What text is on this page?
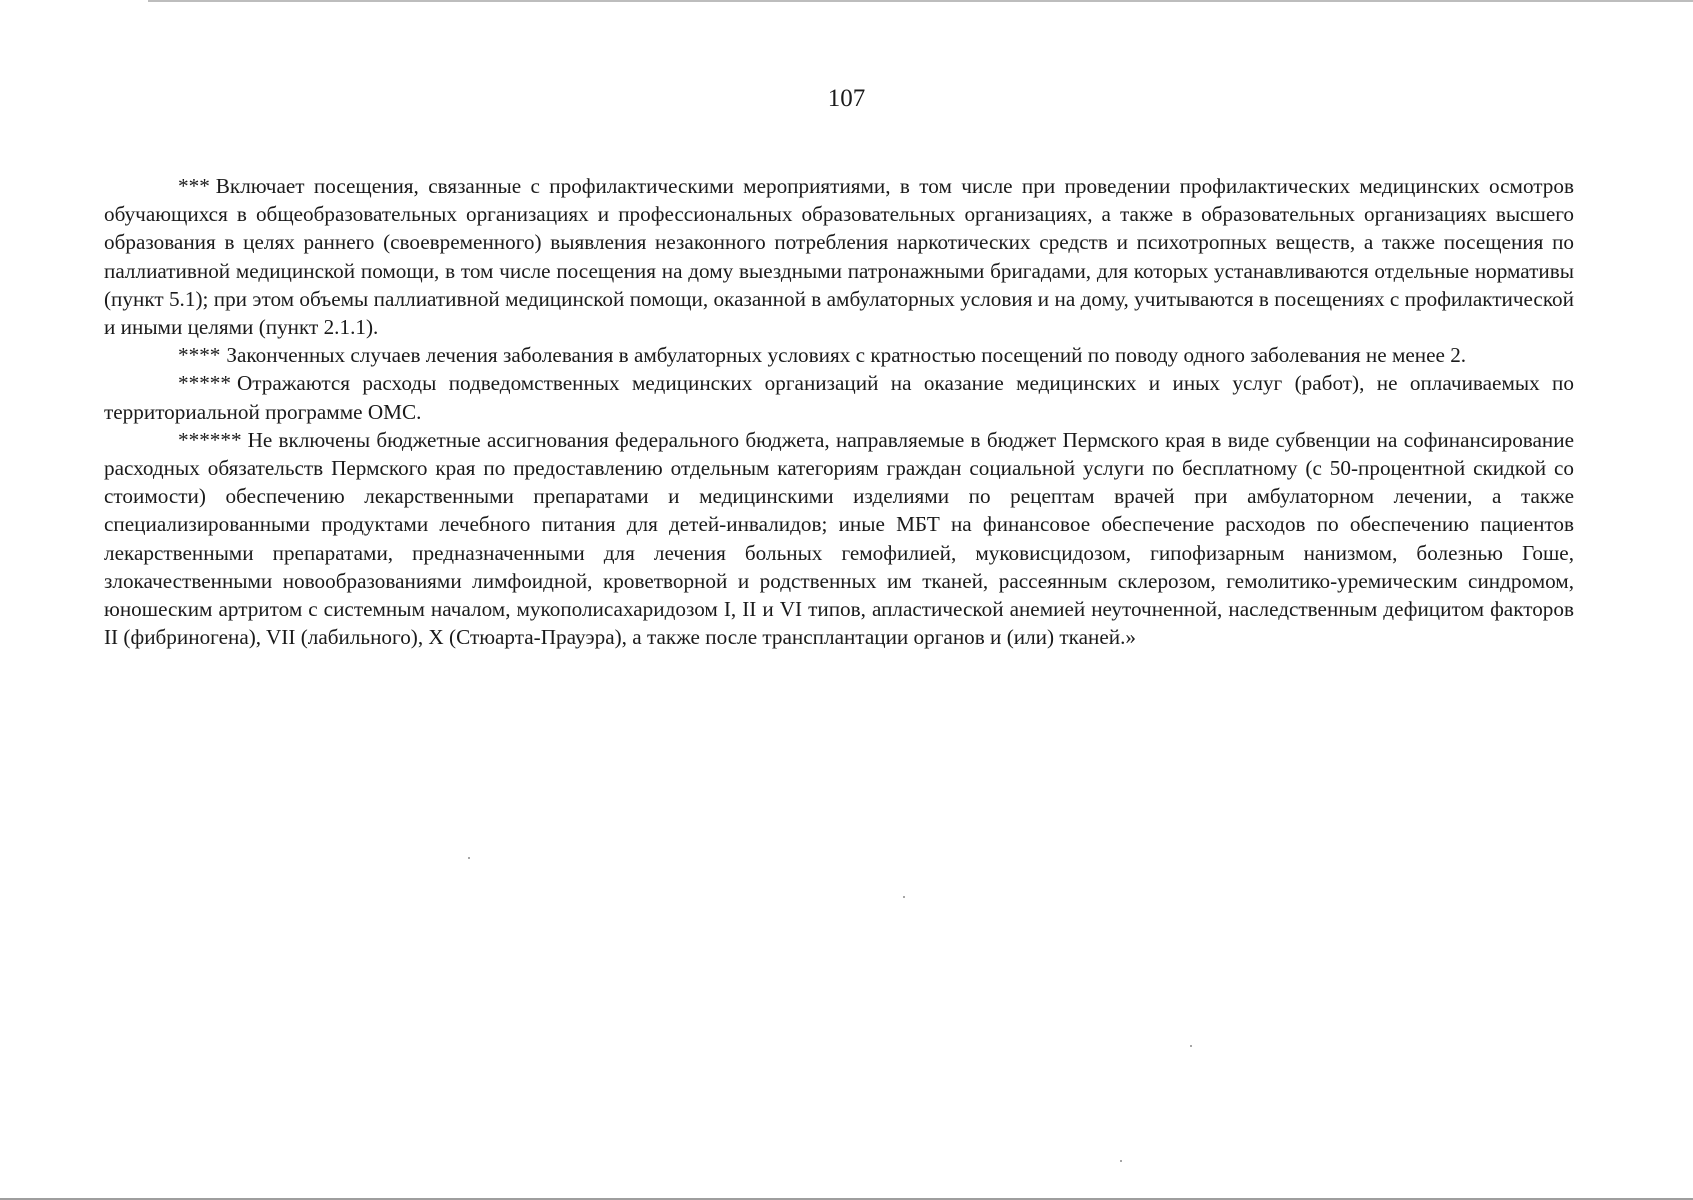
107

*** Включает посещения, связанные с профилактическими мероприятиями, в том числе при проведении профилактических медицинских осмотров обучающихся в общеобразовательных организациях и профессиональных образовательных организациях, а также в образовательных организациях высшего образования в целях раннего (своевременного) выявления незаконного потребления наркотических средств и психотропных веществ, а также посещения по паллиативной медицинской помощи, в том числе посещения на дому выездными патронажными бригадами, для которых устанавливаются отдельные нормативы (пункт 5.1); при этом объемы паллиативной медицинской помощи, оказанной в амбулаторных условия и на дому, учитываются в посещениях с профилактической и иными целями (пункт 2.1.1).

**** Законченных случаев лечения заболевания в амбулаторных условиях с кратностью посещений по поводу одного заболевания не менее 2.

***** Отражаются расходы подведомственных медицинских организаций на оказание медицинских и иных услуг (работ), не оплачиваемых по территориальной программе ОМС.

****** Не включены бюджетные ассигнования федерального бюджета, направляемые в бюджет Пермского края в виде субвенции на софинансирование расходных обязательств Пермского края по предоставлению отдельным категориям граждан социальной услуги по бесплатному (с 50-процентной скидкой со стоимости) обеспечению лекарственными препаратами и медицинскими изделиями по рецептам врачей при амбулаторном лечении, а также специализированными продуктами лечебного питания для детей-инвалидов; иные МБТ на финансовое обеспечение расходов по обеспечению пациентов лекарственными препаратами, предназначенными для лечения больных гемофилией, муковисцидозом, гипофизарным нанизмом, болезнью Гоше, злокачественными новообразованиями лимфоидной, кроветворной и родственных им тканей, рассеянным склерозом, гемолитико-уремическим синдромом, юношеским артритом с системным началом, мукополисахаридозом I, II и VI типов, апластической анемией неуточненной, наследственным дефицитом факторов II (фибриногена), VII (лабильного), X (Стюарта-Прауэра), а также после трансплантации органов и (или) тканей.»
